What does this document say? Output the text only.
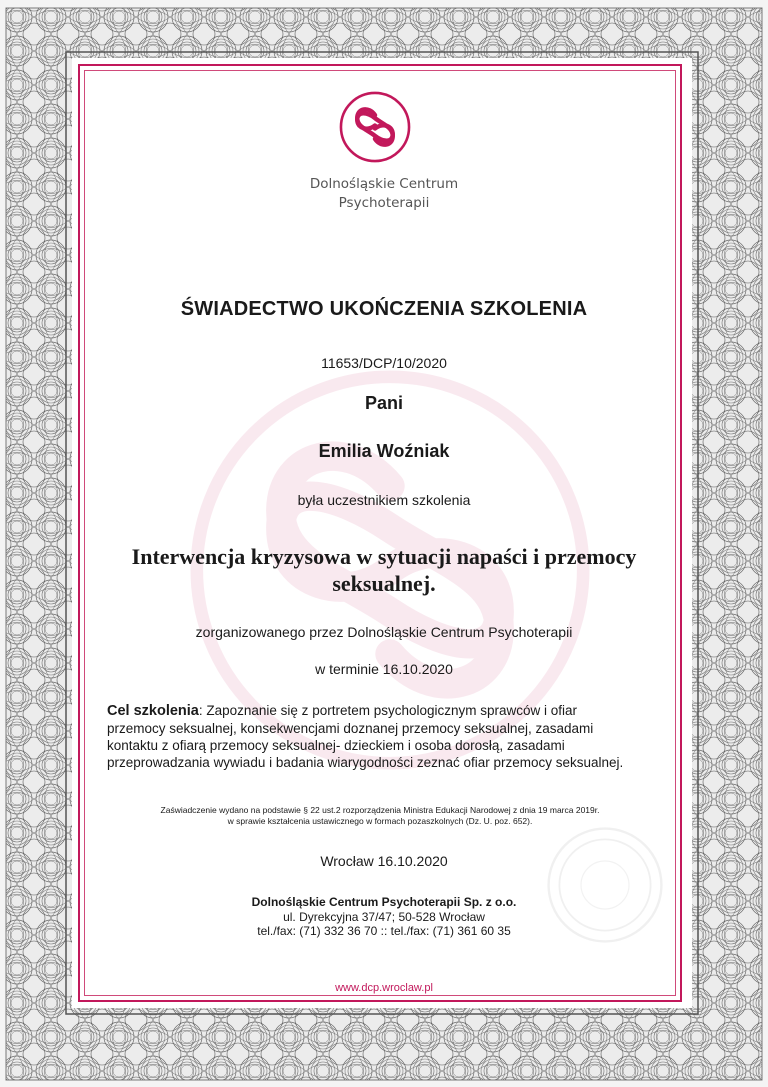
Dolnośląskie Centrum
Psychoterapii
ŚWIADECTWO UKOŃCZENIA SZKOLENIA
11653/DCP/10/2020
Pani
Emilia Woźniak
była uczestnikiem szkolenia
Interwencja kryzysowa w sytuacji napaści i przemocy
seksualnej.
zorganizowanego przez Dolnośląskie Centrum Psychoterapii
w terminie 16.10.2020
Cel szkolenia: Zapoznanie się z portretem psychologicznym sprawców i ofiar przemocy seksualnej, konsekwencjami doznanej przemocy seksualnej, zasadami kontaktu z ofiarą przemocy seksualnej- dzieckiem i osoba dorosłą, zasadami przeprowadzania wywiadu i badania wiarygodności zeznać ofiar przemocy seksualnej.
Zaświadczenie wydano na podstawie § 22 ust.2 rozporządzenia Ministra Edukacji Narodowej z dnia 19 marca 2019r.
w sprawie kształcenia ustawicznego w formach pozaszkolnych (Dz. U. poz. 652).
Wrocław 16.10.2020
Dolnośląskie Centrum Psychoterapii Sp. z o.o.
ul. Dyrekcyjna 37/47; 50-528 Wrocław
tel./fax: (71) 332 36 70 :: tel./fax: (71) 361 60 35
www.dcp.wroclaw.pl
